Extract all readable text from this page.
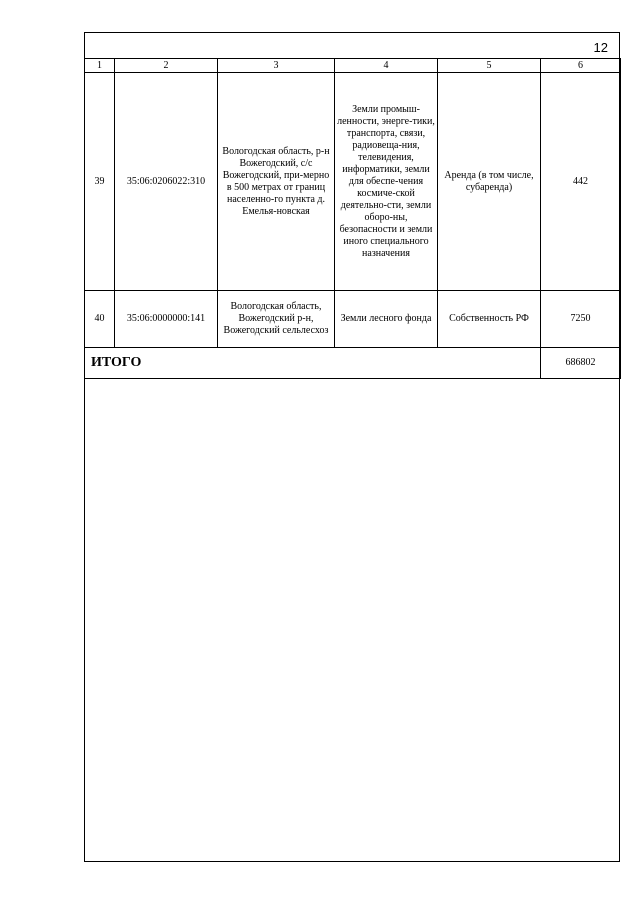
12
1	2	3	4	5	6
39	35:06:0206022:310	Вологодская область, р-н Вожегодский, с/с Вожегодский, при-мерно в 500 метрах от границ населенно-го пункта д. Емелья-новская	Земли промыш-ленности, энерге-тики, транспорта, связи, радиовеща-ния, телевидения, информатики, земли для обеспе-чения космиче-ской деятельно-сти, земли оборо-ны, безопасности и земли иного специального назначения	Аренда (в том числе, субаренда)	442
40	35:06:0000000:141	Вологодская область, Вожегодский р-н, Вожегодский сельлесхоз	Земли лесного фонда	Собственность РФ	7250
ИТОГО					686802
